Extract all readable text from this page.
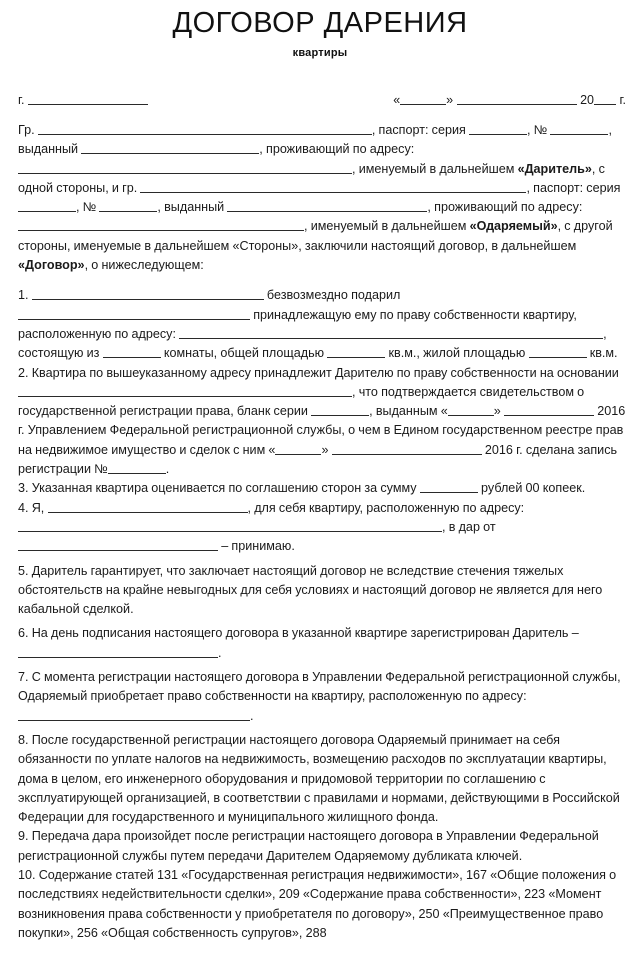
ДОГОВОР ДАРЕНИЯ
квартиры
г.	«	»	20 г.
Гр.	, паспорт: серия	, №	, выданный	, проживающий по адресу: , именуемый в дальнейшем «Даритель», с одной стороны, и гр.	, паспорт: серия , №	, выданный	, проживающий по адресу: , именуемый в дальнейшем «Одаряемый», с другой стороны, именуемые в дальнейшем «Стороны», заключили настоящий договор, в дальнейшем «Договор», о нижеследующем:
1.	безвозмездно подарил  принадлежащую ему по праву собственности квартиру, расположенную по адресу:	, состоящую из	комнаты, общей площадью	кв.м., жилой площадью	кв.м.
2. Квартира по вышеуказанному адресу принадлежит Дарителю по праву собственности на основании , что подтверждается свидетельством о государственной регистрации права, бланк серии	, выданным «	»	2016 г. Управлением Федеральной регистрационной службы, о чем в Едином государственном реестре прав на недвижимое имущество и сделок с ним «	»	2016 г. сделана запись регистрации №	.
3. Указанная квартира оценивается по соглашению сторон за сумму	рублей 00 копеек.
4. Я,	, для себя квартиру, расположенную по адресу: , в дар от  – принимаю.
5. Даритель гарантирует, что заключает настоящий договор не вследствие стечения тяжелых обстоятельств на крайне невыгодных для себя условиях и настоящий договор не является для него кабальной сделкой.
6. На день подписания настоящего договора в указанной квартире зарегистрирован Даритель – .
7. С момента регистрации настоящего договора в Управлении Федеральной регистрационной службы, Одаряемый приобретает право собственности на квартиру, расположенную по адресу: .
8. После государственной регистрации настоящего договора Одаряемый принимает на себя обязанности по уплате налогов на недвижимость, возмещению расходов по эксплуатации квартиры, дома в целом, его инженерного оборудования и придомовой территории по соглашению с эксплуатирующей организацией, в соответствии с правилами и нормами, действующими в Российской Федерации для государственного и муниципального жилищного фонда.
9. Передача дара произойдет после регистрации настоящего договора в Управлении Федеральной регистрационной службы путем передачи Дарителем Одаряемому дубликата ключей.
10. Содержание статей 131 «Государственная регистрация недвижимости», 167 «Общие положения о последствиях недействительности сделки», 209 «Содержание права собственности», 223 «Момент возникновения права собственности у приобретателя по договору», 250 «Преимущественное право покупки», 256 «Общая собственность супругов», 288
